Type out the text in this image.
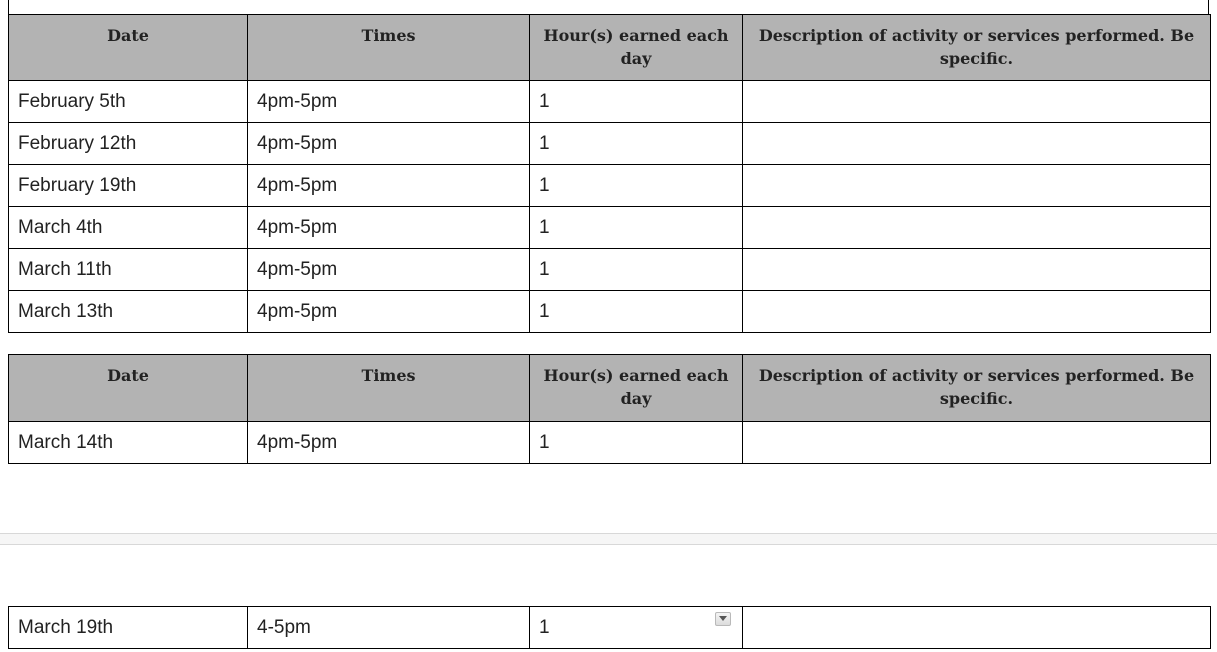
Date	Times	Hour(s) earned each day	Description of activity or services performed. Be specific.
February 5th	4pm-5pm	1	
February 12th	4pm-5pm	1	
February 19th	4pm-5pm	1	
March 4th	4pm-5pm	1	
March 11th	4pm-5pm	1	
March 13th	4pm-5pm	1	
Date	Times	Hour(s) earned each day	Description of activity or services performed. Be specific.
March 14th	4pm-5pm	1	
March 19th	4-5pm	1
